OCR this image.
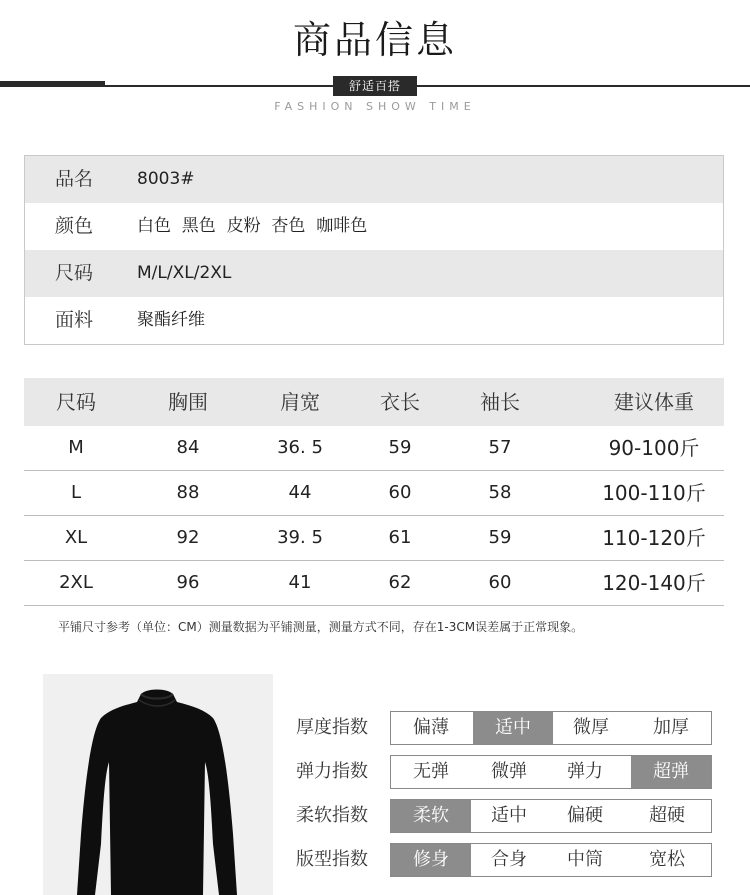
商品信息
舒适百搭
FASHION SHOW TIME
品名	8003#
颜色	白色  黑色  皮粉  杏色  咖啡色
尺码	M/L/XL/2XL
面料	聚酯纤维
尺码	胸围	肩宽	衣长	袖长	建议体重
M	84	36. 5	59	57	90-100斤
L	88	44	60	58	100-110斤
XL	92	39. 5	61	59	110-120斤
2XL	96	41	62	60	120-140斤
平铺尺寸参考（单位：CM）测量数据为平铺测量，测量方式不同，存在1-3CM误差属于正常现象。
厚度指数	偏薄	适中	微厚	加厚
弹力指数	无弹	微弹	弹力	超弹
柔软指数	柔软	适中	偏硬	超硬
版型指数	修身	合身	中筒	宽松
